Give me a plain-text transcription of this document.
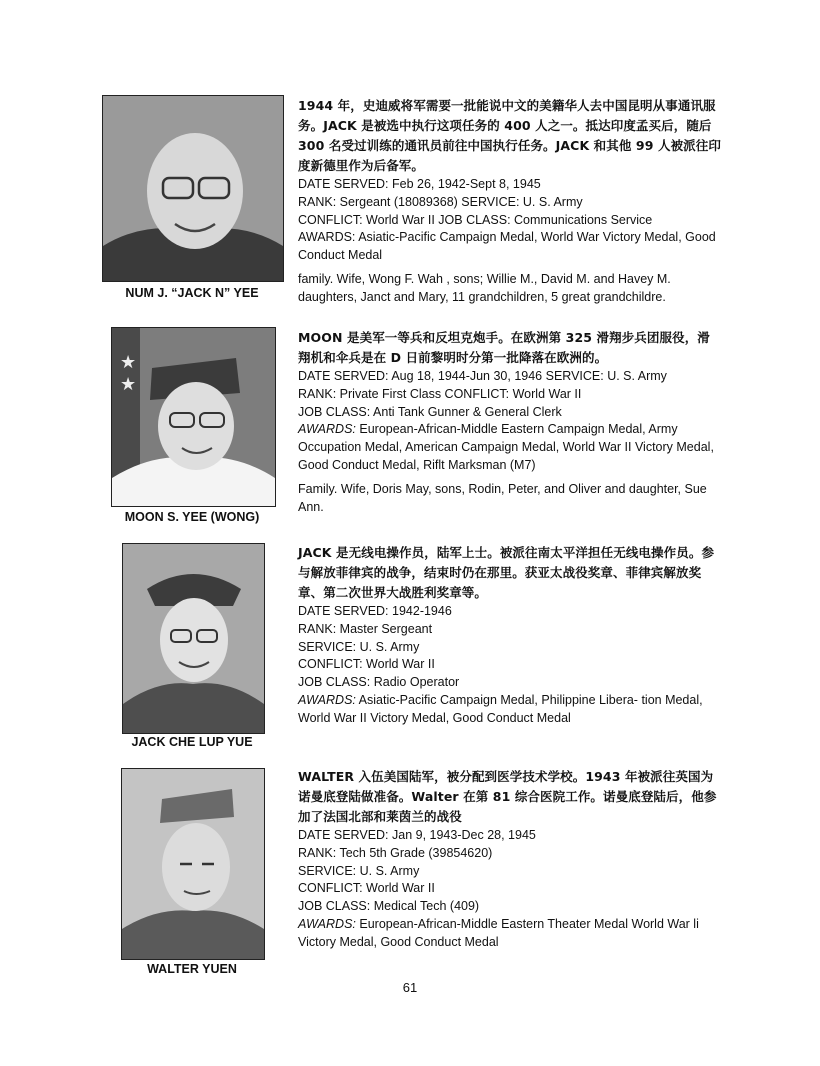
NUM J. “JACK N” YEE
1944 年，史迪威将军需要一批能说中文的美籍华人去中国昆明从事通讯服务。JACK 是被选中执行这项任务的 400 人之一。抵达印度孟买后，随后 300 名受过训练的通讯员前往中国执行任务。JACK 和其他 99 人被派往印度新德里作为后备军。
DATE SERVED: Feb 26, 1942-Sept 8, 1945
RANK: Sergeant (18089368) SERVICE: U. S. Army
CONFLICT: World War II JOB CLASS: Communications Service
AWARDS: Asiatic-Pacific Campaign Medal, World War Victory Medal, Good Conduct Medal
family. Wife, Wong F. Wah , sons; Willie M., David M. and Havey M. daughters, Janct and Mary, 11 grandchildren, 5 great grandchildre.
★
★
MOON S. YEE (WONG)
MOON 是美军一等兵和反坦克炮手。在欧洲第 325 滑翔步兵团服役，滑翔机和伞兵是在 D 日前黎明时分第一批降落在欧洲的。
DATE SERVED: Aug 18, 1944-Jun 30, 1946 SERVICE: U. S. Army
RANK: Private First Class CONFLICT: World War II
JOB CLASS: Anti Tank Gunner & General Clerk
AWARDS: European-African-Middle Eastern Campaign Medal, Army Occupation Medal, American Campaign Medal, World War II Victory Medal, Good Conduct Medal, Riflt Marksman (M7)
Family. Wife, Doris May, sons, Rodin, Peter, and Oliver and daughter, Sue Ann.
JACK CHE LUP YUE
JACK 是无线电操作员，陆军上士。被派往南太平洋担任无线电操作员。参与解放菲律宾的战争，结束时仍在那里。获亚太战役奖章、菲律宾解放奖章、第二次世界大战胜利奖章等。
DATE SERVED: 1942-1946
RANK: Master Sergeant
SERVICE: U. S. Army
CONFLICT: World War II
JOB CLASS: Radio Operator
AWARDS: Asiatic-Pacific Campaign Medal, Philippine Libera- tion Medal, World War II Victory Medal, Good Conduct Medal
WALTER YUEN
WALTER 入伍美国陆军，被分配到医学技术学校。1943 年被派往英国为诺曼底登陆做准备。Walter 在第 81 综合医院工作。诺曼底登陆后，他参加了法国北部和莱茵兰的战役
DATE SERVED: Jan 9, 1943-Dec 28, 1945
RANK: Tech 5th Grade (39854620)
SERVICE: U. S. Army
CONFLICT: World War II
JOB CLASS: Medical Tech (409)
AWARDS: European-African-Middle Eastern Theater Medal World War li Victory Medal, Good Conduct Medal
61
